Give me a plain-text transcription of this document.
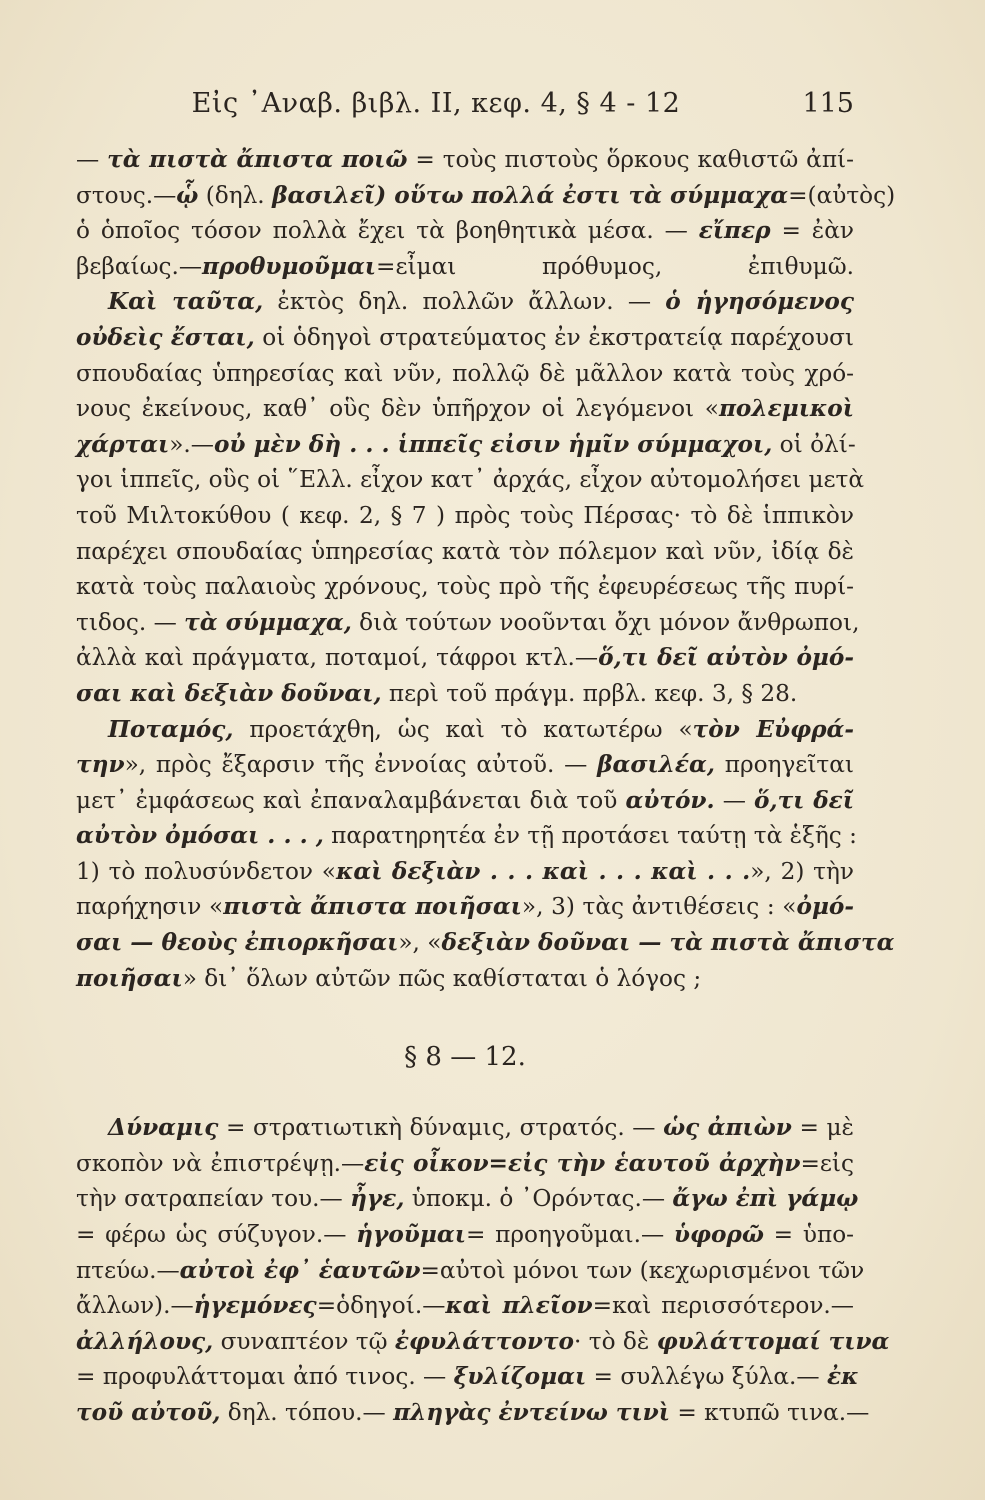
Εἰς ᾿Αναβ. βιβλ. ΙΙ, κεφ. 4, § 4 - 12	115
— τὰ πιστὰ ἄπιστα ποιῶ = τοὺς πιστοὺς ὅρκους καθιστῶ ἀπί-
στους.—ᾧ (δηλ. βασιλεῖ) οὕτω πολλά ἐστι τὰ σύμμαχα=(αὐτὸς)
ὁ ὁποῖος τόσον πολλὰ ἔχει τὰ βοηθητικὰ μέσα. — εἴπερ = ἐὰν
βεβαίως.—προθυμοῦμαι=εἶμαι πρόθυμος, ἐπιθυμῶ.
Καὶ ταῦτα, ἐκτὸς δηλ. πολλῶν ἄλλων. — ὁ ἡγησόμενος
οὐδεὶς ἔσται, οἱ ὁδηγοὶ στρατεύματος ἐν ἐκστρατείᾳ παρέχουσι
σπουδαίας ὑπηρεσίας καὶ νῦν, πολλῷ δὲ μᾶλλον κατὰ τοὺς χρό-
νους ἐκείνους, καθ᾿ οὓς δὲν ὑπῆρχον οἱ λεγόμενοι «πολεμικοὶ
χάρται».—οὐ μὲν δὴ . . . ἱππεῖς εἰσιν ἡμῖν σύμμαχοι, οἱ ὀλί-
γοι ἱππεῖς, οὓς οἱ ῞Ελλ. εἶχον κατ᾿ ἀρχάς, εἶχον αὐτομολήσει μετὰ
τοῦ Μιλτοκύθου ( κεφ. 2, § 7 ) πρὸς τοὺς Πέρσας· τὸ δὲ ἱππικὸν
παρέχει σπουδαίας ὑπηρεσίας κατὰ τὸν πόλεμον καὶ νῦν, ἰδίᾳ δὲ
κατὰ τοὺς παλαιοὺς χρόνους, τοὺς πρὸ τῆς ἐφευρέσεως τῆς πυρί-
τιδος. — τὰ σύμμαχα, διὰ τούτων νοοῦνται ὄχι μόνον ἄνθρωποι,
ἀλλὰ καὶ πράγματα, ποταμοί, τάφροι κτλ.—ὅ,τι δεῖ αὐτὸν ὀμό-
σαι καὶ δεξιὰν δοῦναι, περὶ τοῦ πράγμ. πρβλ. κεφ. 3, § 28.
Ποταμός, προετάχθη, ὡς καὶ τὸ κατωτέρω «τὸν Εὐφρά-
την», πρὸς ἔξαρσιν τῆς ἐννοίας αὐτοῦ. — βασιλέα, προηγεῖται
μετ᾿ ἐμφάσεως καὶ ἐπαναλαμβάνεται διὰ τοῦ αὐτόν. — ὅ,τι δεῖ
αὐτὸν ὀμόσαι . . . , παρατηρητέα ἐν τῇ προτάσει ταύτῃ τὰ ἑξῆς :
1) τὸ πολυσύνδετον «καὶ δεξιὰν . . . καὶ . . . καὶ . . .», 2) τὴν
παρήχησιν «πιστὰ ἄπιστα ποιῆσαι», 3) τὰς ἀντιθέσεις : «ὀμό-
σαι — θεοὺς ἐπιορκῆσαι», «δεξιὰν δοῦναι — τὰ πιστὰ ἄπιστα
ποιῆσαι» δι᾿ ὅλων αὐτῶν πῶς καθίσταται ὁ λόγος ;
§ 8 — 12.
Δύναμις = στρατιωτικὴ δύναμις, στρατός. — ὡς ἀπιὼν = μὲ
σκοπὸν νὰ ἐπιστρέψῃ.—εἰς οἶκον=εἰς τὴν ἑαυτοῦ ἀρχὴν=εἰς
τὴν σατραπείαν του.— ἦγε, ὑποκμ. ὁ ᾿Ορόντας.— ἄγω ἐπὶ γάμῳ
= φέρω ὡς σύζυγον.— ἡγοῦμαι= προηγοῦμαι.— ὑφορῶ = ὑπο-
πτεύω.—αὐτοὶ ἐφ᾿ ἑαυτῶν=αὐτοὶ μόνοι των (κεχωρισμένοι τῶν
ἄλλων).—ἡγεμόνες=ὁδηγοί.—καὶ πλεῖον=καὶ περισσότερον.—
ἀλλήλους, συναπτέον τῷ ἐφυλάττοντο· τὸ δὲ φυλάττομαί τινα
= προφυλάττομαι ἀπό τινος. — ξυλίζομαι = συλλέγω ξύλα.— ἐκ
τοῦ αὐτοῦ, δηλ. τόπου.— πληγὰς ἐντείνω τινὶ = κτυπῶ τινα.—
